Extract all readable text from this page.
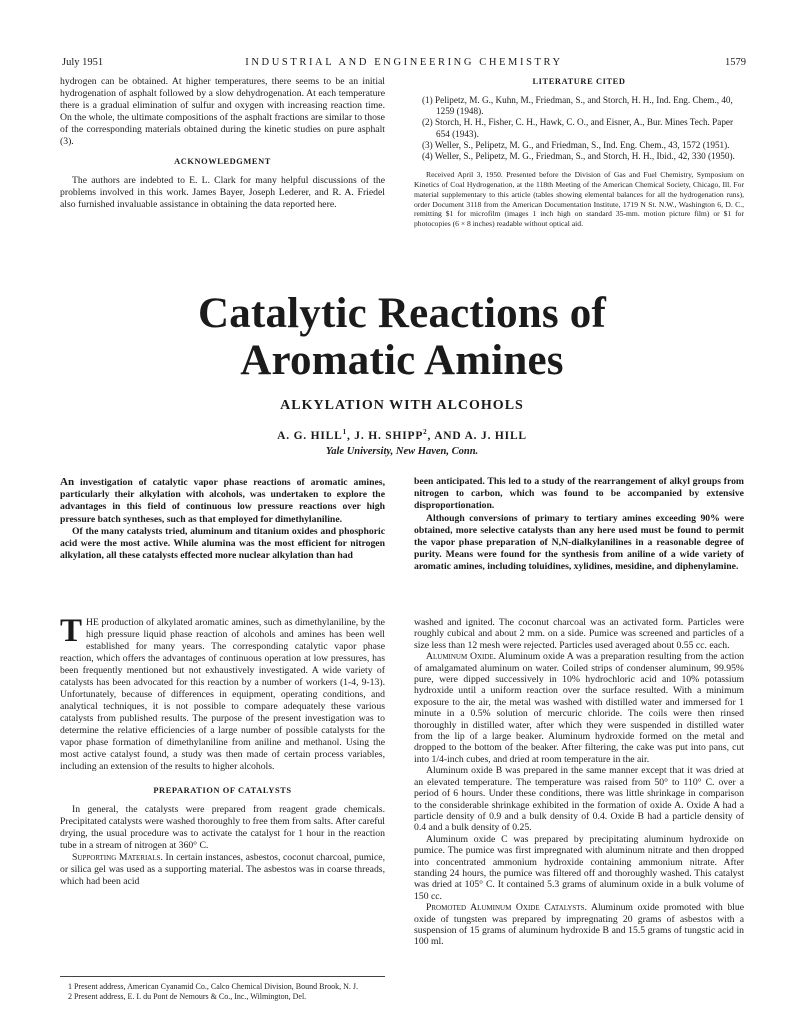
July 1951	INDUSTRIAL AND ENGINEERING CHEMISTRY	1579

hydrogen can be obtained. At higher temperatures, there seems to be an initial hydrogenation of asphalt followed by a slow dehydrogenation. At each temperature there is a gradual elimination of sulfur and oxygen with increasing reaction time. On the whole, the ultimate compositions of the asphalt fractions are similar to those of the corresponding materials obtained during the kinetic studies on pure asphalt (3).

ACKNOWLEDGMENT

The authors are indebted to E. L. Clark for many helpful discussions of the problems involved in this work. James Bayer, Joseph Lederer, and R. A. Friedel also furnished invaluable assistance in obtaining the data reported here.

LITERATURE CITED
(1) Pelipetz, M. G., Kuhn, M., Friedman, S., and Storch, H. H., Ind. Eng. Chem., 40, 1259 (1948).
(2) Storch, H. H., Fisher, C. H., Hawk, C. O., and Eisner, A., Bur. Mines Tech. Paper 654 (1943).
(3) Weller, S., Pelipetz, M. G., and Friedman, S., Ind. Eng. Chem., 43, 1572 (1951).
(4) Weller, S., Pelipetz, M. G., Friedman, S., and Storch, H. H., Ibid., 42, 330 (1950).

Received April 3, 1950. Presented before the Division of Gas and Fuel Chemistry, Symposium on Kinetics of Coal Hydrogenation, at the 118th Meeting of the American Chemical Society, Chicago, Ill. For material supplementary to this article (tables showing elemental balances for all the hydrogenation runs), order Document 3118 from the American Documentation Institute, 1719 N St. N.W., Washington 6, D. C., remitting $1 for microfilm (images 1 inch high on standard 35-mm. motion picture film) or $1 for photocopies (6 × 8 inches) readable without optical aid.

Catalytic Reactions of Aromatic Amines
ALKYLATION WITH ALCOHOLS
A. G. HILL$^1$, J. H. SHIPP$^2$, AND A. J. HILL
Yale University, New Haven, Conn.

An investigation of catalytic vapor phase reactions of aromatic amines, particularly their alkylation with alcohols, was undertaken to explore the advantages in this field of continuous low pressure reactions over high pressure batch syntheses, such as that employed for dimethylaniline.

Of the many catalysts tried, aluminum and titanium oxides and phosphoric acid were the most active. While alumina was the most efficient for nitrogen alkylation, all these catalysts effected more nuclear alkylation than had

been anticipated. This led to a study of the rearrangement of alkyl groups from nitrogen to carbon, which was found to be accompanied by extensive disproportionation.

Although conversions of primary to tertiary amines exceeding 90% were obtained, more selective catalysts than any here used must be found to permit the vapor phase preparation of N,N-dialkylanilines in a reasonable degree of purity. Means were found for the synthesis from aniline of a wide variety of aromatic amines, including toluidines, xylidines, mesidine, and diphenylamine.

THE production of alkylated aromatic amines, such as dimethylaniline, by the high pressure liquid phase reaction of alcohols and amines has been well established for many years. The corresponding catalytic vapor phase reaction, which offers the advantages of continuous operation at low pressures, has been frequently mentioned but not exhaustively investigated. A wide variety of catalysts has been advocated for this reaction by a number of workers (1-4, 9-13). Unfortunately, because of differences in equipment, operating conditions, and analytical techniques, it is not possible to compare adequately these various catalysts from published results. The purpose of the present investigation was to determine the relative efficiencies of a large number of possible catalysts for the vapor phase formation of dimethylaniline from aniline and methanol. Using the most active catalyst found, a study was then made of certain process variables, including an extension of the results to higher alcohols.

PREPARATION OF CATALYSTS

In general, the catalysts were prepared from reagent grade chemicals. Precipitated catalysts were washed thoroughly to free them from salts. After careful drying, the usual procedure was to activate the catalyst for 1 hour in the reaction tube in a stream of nitrogen at 360° C.

Supporting Materials. In certain instances, asbestos, coconut charcoal, pumice, or silica gel was used as a supporting material. The asbestos was in coarse threads, which had been acid

washed and ignited. The coconut charcoal was an activated form. Particles were roughly cubical and about 2 mm. on a side. Pumice was screened and particles of a size less than 12 mesh were rejected. Particles used averaged about 0.55 cc. each.

Aluminum Oxide. Aluminum oxide A was a preparation resulting from the action of amalgamated aluminum on water. Coiled strips of condenser aluminum, 99.95% pure, were dipped successively in 10% hydrochloric acid and 10% potassium hydroxide until a uniform reaction over the surface resulted. With a minimum exposure to the air, the metal was washed with distilled water and immersed for 1 minute in a 0.5% solution of mercuric chloride. The coils were then rinsed thoroughly in distilled water, after which they were suspended in distilled water from the lip of a large beaker. Aluminum hydroxide formed on the metal and dropped to the bottom of the beaker. After filtering, the cake was put into pans, cut into 1/4-inch cubes, and dried at room temperature in the air.

Aluminum oxide B was prepared in the same manner except that it was dried at an elevated temperature. The temperature was raised from 50° to 110° C. over a period of 6 hours. Under these conditions, there was little shrinkage in comparison to the considerable shrinkage exhibited in the formation of oxide A. Oxide A had a particle density of 0.9 and a bulk density of 0.4. Oxide B had a particle density of 0.4 and a bulk density of 0.25.

Aluminum oxide C was prepared by precipitating aluminum hydroxide on pumice. The pumice was first impregnated with aluminum nitrate and then dropped into concentrated ammonium hydroxide containing ammonium nitrate. After standing 24 hours, the pumice was filtered off and thoroughly washed. This catalyst was dried at 105° C. It contained 5.3 grams of aluminum oxide in a bulk volume of 150 cc.

Promoted Aluminum Oxide Catalysts. Aluminum oxide promoted with blue oxide of tungsten was prepared by impregnating 20 grams of asbestos with a suspension of 15 grams of aluminum hydroxide B and 15.5 grams of tungstic acid in 100 ml.

1 Present address, American Cyanamid Co., Calco Chemical Division, Bound Brook, N. J.

2 Present address, E. I. du Pont de Nemours & Co., Inc., Wilmington, Del.
